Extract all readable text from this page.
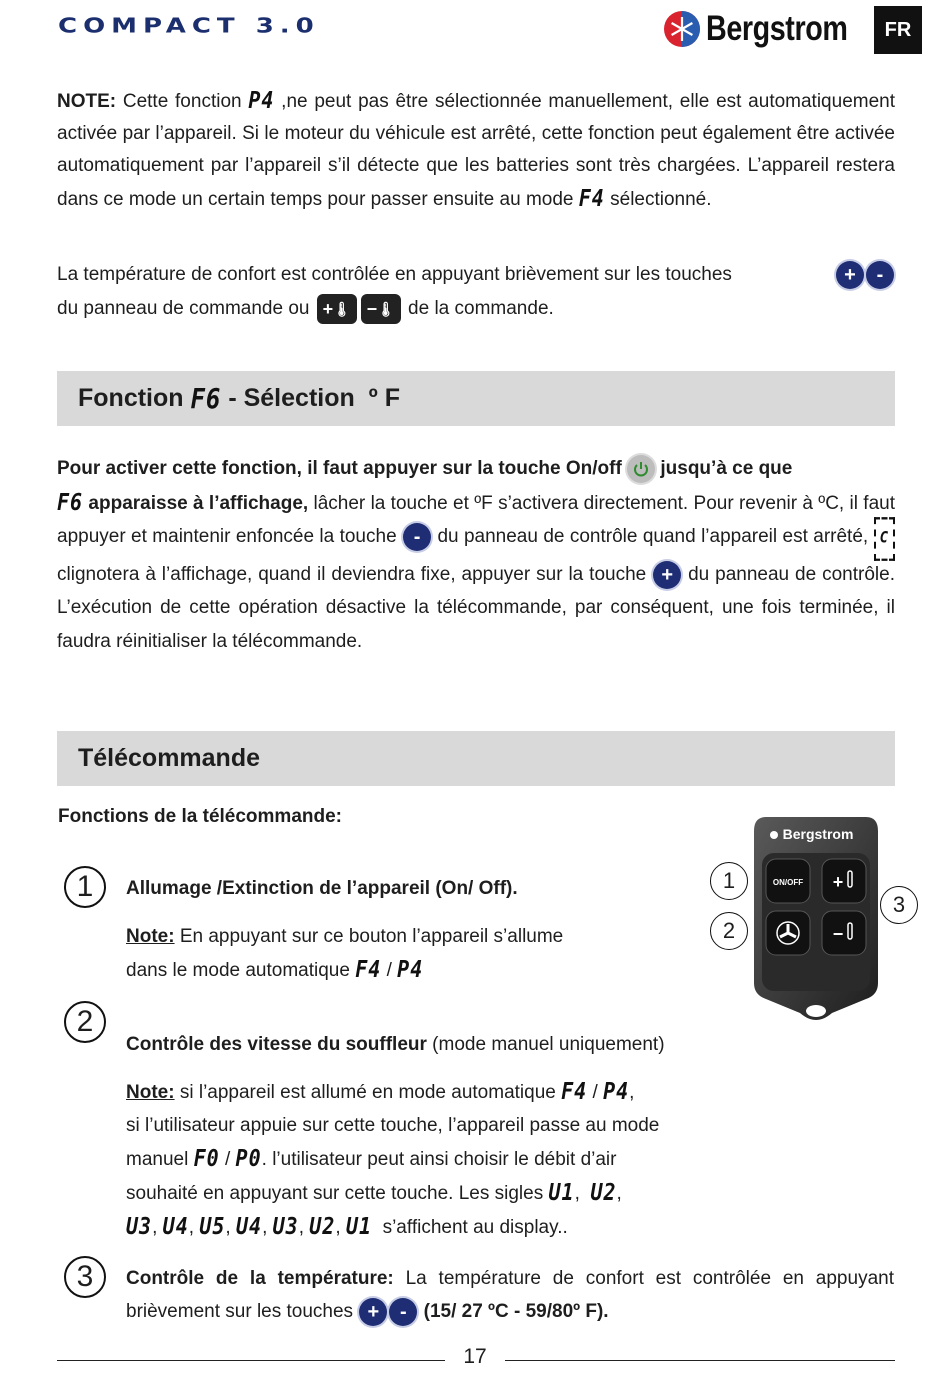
COMPACT 3.0	Bergstrom	FR

NOTE: Cette fonction P4 ,ne peut pas être sélectionnée manuellement, elle est automatiquement activée par l’appareil. Si le moteur du véhicule est arrêté, cette fonction peut également être activée automatiquement par l’appareil s’il détecte que les batteries sont très chargées. L’appareil restera dans ce mode un certain temps pour passer ensuite au mode F4 sélectionné.

La température de confort est contrôlée en appuyant brièvement sur les touches	+ -
du panneau de commande ou + 🌡 − 🌡 de la commande.
Fonction
F6 - Sélection  º F

Pour activer cette fonction, il faut appuyer sur la touche On/off
jusqu’à ce que
F6 apparaisse à l’affichage, lâcher la touche et ºF s’activera directement. Pour revenir à ºC, il faut appuyer et maintenir enfoncée la touche - du panneau de contrôle quand l’appareil est arrêté, C clignotera à l’affichage, quand il deviendra fixe, appuyer sur la touche + du panneau de contrôle. L’exécution de cette opération désactive la télécommande, par conséquent, une fois terminée, il faudra réinitialiser la télécommande.

Télécommande
Fonctions de la télécommande:
1	Allumage /Extinction de l’appareil (On/ Off).
Note: En appuyant sur ce bouton l’appareil s’allume
dans le mode automatique F4 / P4
2
Contrôle des vitesse du souffleur (mode manuel uniquement)
Note: si l’appareil est allumé en mode automatique F4 / P4,
si l’utilisateur appuie sur cette touche, l’appareil passe au mode
manuel F0 / P0. l’utilisateur peut ainsi choisir le débit d’air
souhaité en appuyant sur cette touche. Les sigles U1,  U2,
U3, U4, U5, U4, U3, U2, U1  s’affichent au display..
3	Contrôle de la température: La température de confort est contrôlée en appuyant brièvement sur les touches + - (15/ 27 ºC - 59/80º F).

1
2
3
ON/OFF +
−
Bergstrom
17
